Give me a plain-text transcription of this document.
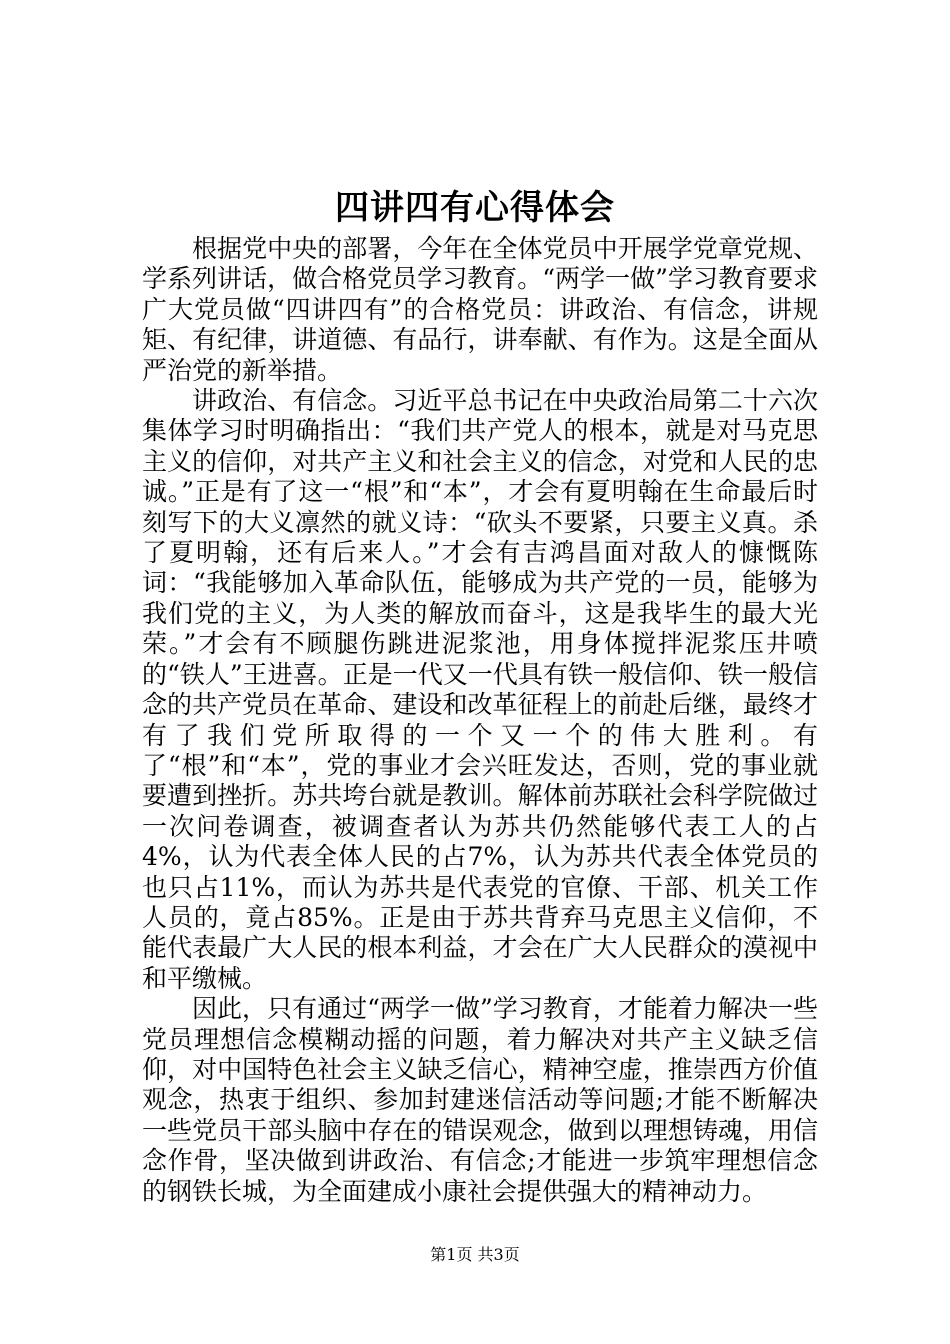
四讲四有心得体会

根据党中央的部署，今年在全体党员中开展学党章党规、学系列讲话，做合格党员学习教育。“两学一做”学习教育要求广大党员做“四讲四有”的合格党员：讲政治、有信念，讲规矩、有纪律，讲道德、有品行，讲奉献、有作为。这是全面从严治党的新举措。

讲政治、有信念。习近平总书记在中央政治局第二十六次集体学习时明确指出：“我们共产党人的根本，就是对马克思主义的信仰，对共产主义和社会主义的信念，对党和人民的忠诚。”正是有了这一“根”和“本”，才会有夏明翰在生命最后时刻写下的大义凛然的就义诗：“砍头不要紧，只要主义真。杀了夏明翰，还有后来人。”才会有吉鸿昌面对敌人的慷慨陈词：“我能够加入革命队伍，能够成为共产党的一员，能够为我们党的主义，为人类的解放而奋斗，这是我毕生的最大光荣。”才会有不顾腿伤跳进泥浆池，用身体搅拌泥浆压井喷的“铁人”王进喜。正是一代又一代具有铁一般信仰、铁一般信念的共产党员在革命、建设和改革征程上的前赴后继，最终才有了我们党所取得的一个又一个的伟大胜利。有了“根”和“本”，党的事业才会兴旺发达，否则，党的事业就要遭到挫折。苏共垮台就是教训。解体前苏联社会科学院做过一次问卷调查，被调查者认为苏共仍然能够代表工人的占4%，认为代表全体人民的占7%，认为苏共代表全体党员的也只占11%，而认为苏共是代表党的官僚、干部、机关工作人员的，竟占85%。正是由于苏共背弃马克思主义信仰，不能代表最广大人民的根本利益，才会在广大人民群众的漠视中和平缴械。

因此，只有通过“两学一做”学习教育，才能着力解决一些党员理想信念模糊动摇的问题，着力解决对共产主义缺乏信仰，对中国特色社会主义缺乏信心，精神空虚，推崇西方价值观念，热衷于组织、参加封建迷信活动等问题;才能不断解决一些党员干部头脑中存在的错误观念，做到以理想铸魂，用信念作骨，坚决做到讲政治、有信念;才能进一步筑牢理想信念的钢铁长城，为全面建成小康社会提供强大的精神动力。

第1页 共3页
